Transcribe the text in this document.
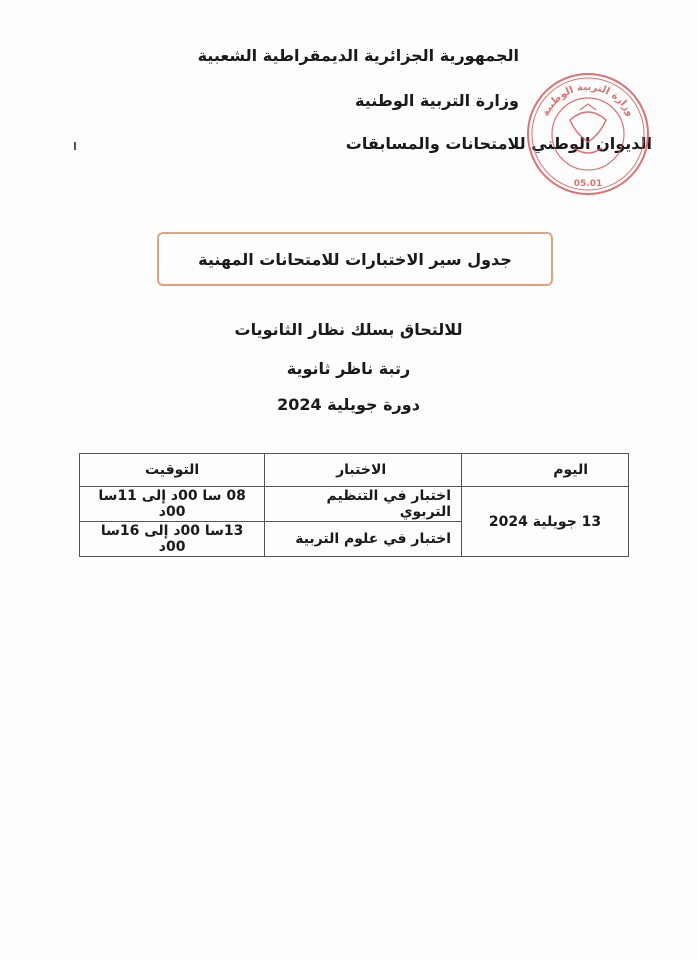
الجمهورية الجزائرية الديمقراطية الشعبية
وزارة التربية الوطنية
الديوان الوطني للامتحانات والمسابقات
وزارة التربية الوطنية
05.01
جدول سير الاختبارات للامتحانات المهنية
للالتحاق بسلك نظار الثانويات
رتبة ناظر ثانوية
دورة جويلية 2024
اليوم	الاختبار	التوقيت
13 جويلية 2024	اختبار في التنظيم التربوي	08 سا 00د إلى 11سا 00د
	اختبار في علوم التربية	13سا 00د إلى 16سا 00د
